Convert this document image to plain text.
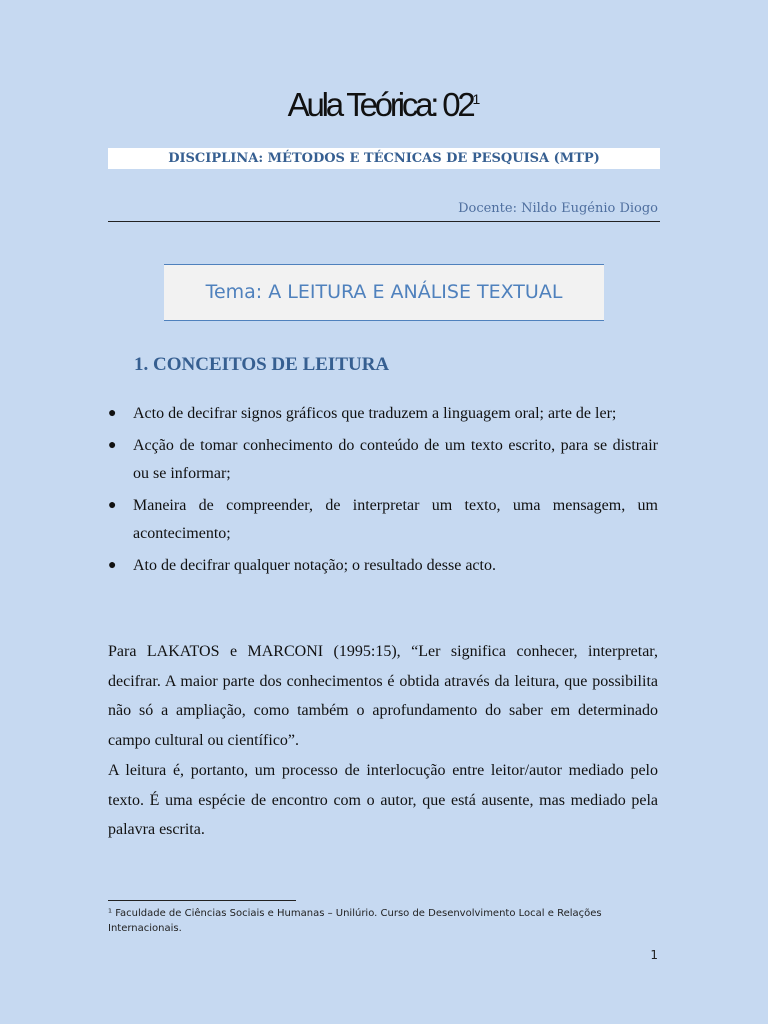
Aula Teórica: $02^1$

DISCIPLINA: MÉTODOS E TÉCNICAS DE PESQUISA (MTP)

Docente: Nildo Eugénio Diogo

Tema: A LEITURA E ANÁLISE TEXTUAL

1. CONCEITOS DE LEITURA
● Acto de decifrar signos gráficos que traduzem a linguagem oral; arte de ler;
● Acção de tomar conhecimento do conteúdo de um texto escrito, para se distrair ou se informar;
● Maneira de compreender, de interpretar um texto, uma mensagem, um acontecimento;
● Ato de decifrar qualquer notação; o resultado desse acto.

Para LAKATOS e MARCONI (1995:15), “Ler significa conhecer, interpretar, decifrar. A maior parte dos conhecimentos é obtida através da leitura, que possibilita não só a ampliação, como também o aprofundamento do saber em determinado campo cultural ou científico”.

A leitura é, portanto, um processo de interlocução entre leitor/autor mediado pelo texto. É uma espécie de encontro com o autor, que está ausente, mas mediado pela palavra escrita.

¹ Faculdade de Ciências Sociais e Humanas – Unilúrio. Curso de Desenvolvimento Local e Relações Internacionais.

1
